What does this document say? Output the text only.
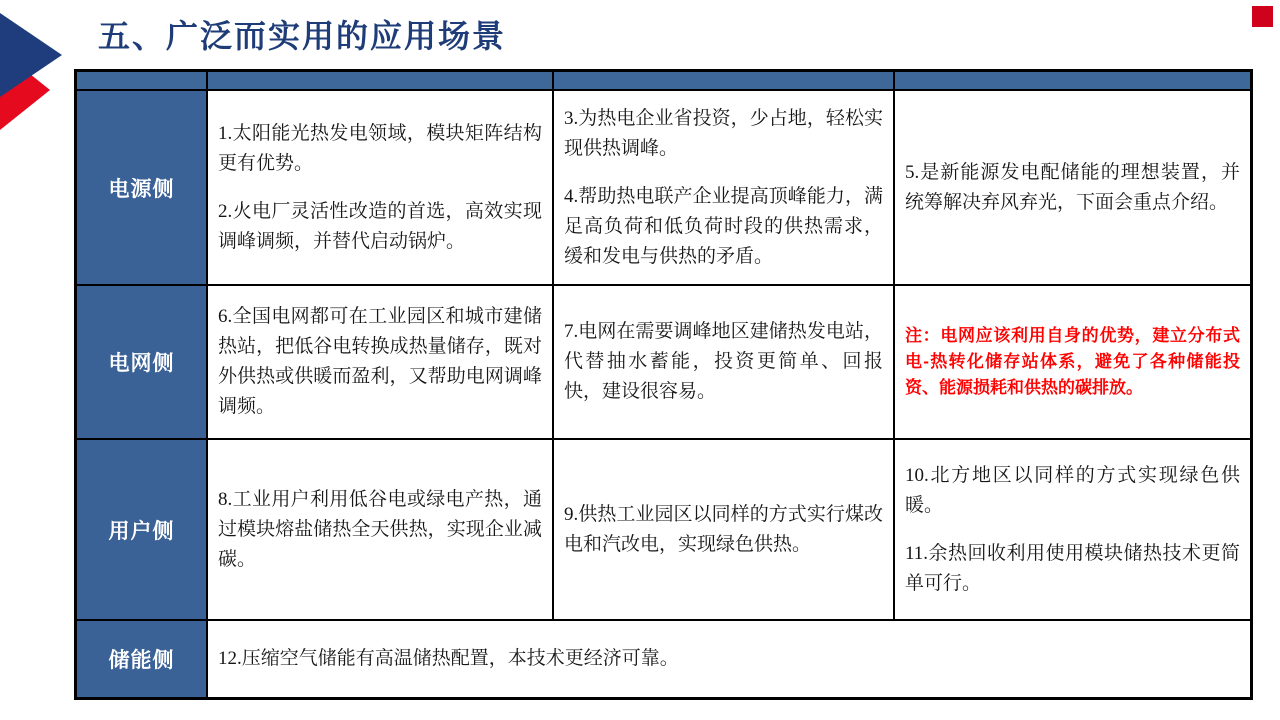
五、广泛而实用的应用场景
电源侧

1.太阳能光热发电领域，模块矩阵结构更有优势。

2.火电厂灵活性改造的首选，高效实现调峰调频，并替代启动锅炉。

3.为热电企业省投资，少占地，轻松实现供热调峰。

4.帮助热电联产企业提高顶峰能力，满足高负荷和低负荷时段的供热需求，缓和发电与供热的矛盾。

5.是新能源发电配储能的理想装置，并统筹解决弃风弃光，下面会重点介绍。

电网侧

6.全国电网都可在工业园区和城市建储热站，把低谷电转换成热量储存，既对外供热或供暖而盈利，又帮助电网调峰调频。

7.电网在需要调峰地区建储热发电站，代替抽水蓄能，投资更简单、回报快，建设很容易。

注：电网应该利用自身的优势，建立分布式电-热转化储存站体系，避免了各种储能投资、能源损耗和供热的碳排放。

用户侧

8.工业用户利用低谷电或绿电产热，通过模块熔盐储热全天供热，实现企业减碳。

9.供热工业园区以同样的方式实行煤改电和汽改电，实现绿色供热。

10.北方地区以同样的方式实现绿色供暖。

11.余热回收利用使用模块储热技术更简单可行。

储能侧	12.压缩空气储能有高温储热配置，本技术更经济可靠。
